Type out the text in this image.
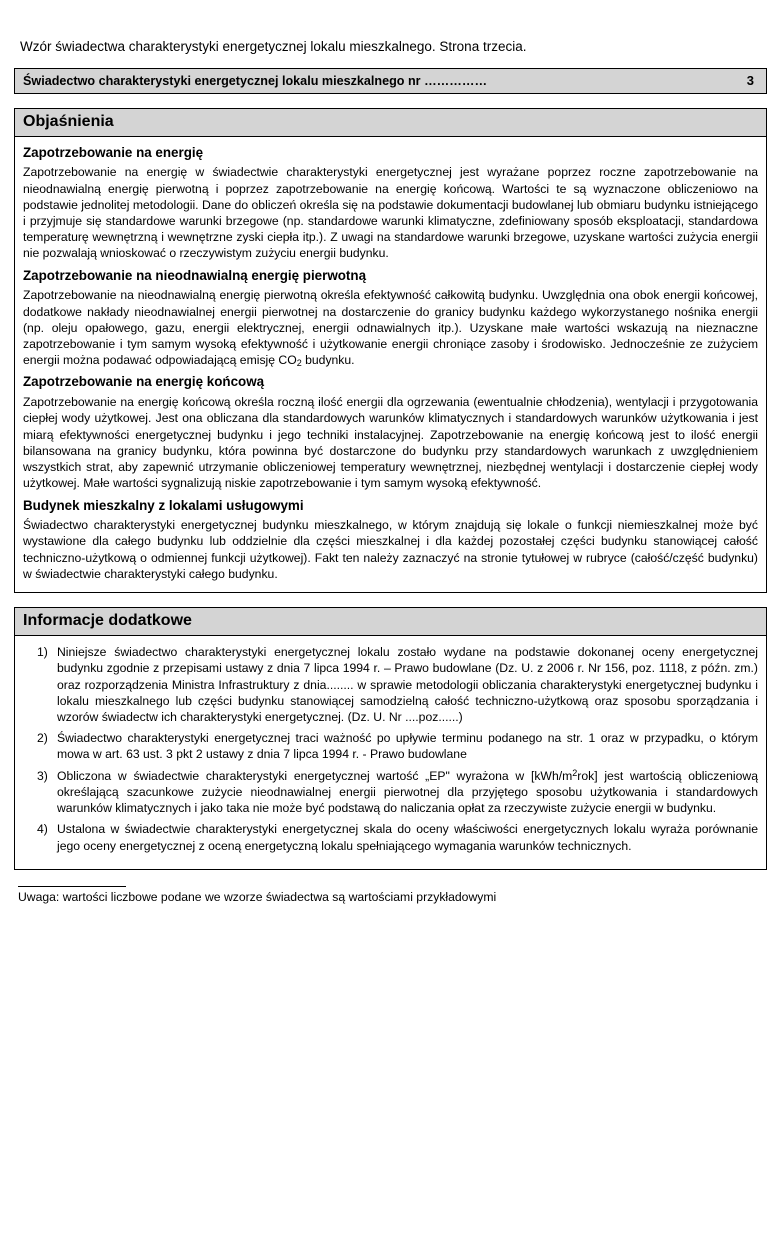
Wzór świadectwa charakterystyki energetycznej lokalu mieszkalnego. Strona trzecia.
Świadectwo charakterystyki energetycznej lokalu mieszkalnego nr ……………	3
Objaśnienia
Zapotrzebowanie na energię

Zapotrzebowanie na energię w świadectwie charakterystyki energetycznej jest wyrażane poprzez roczne zapotrzebowanie na nieodnawialną energię pierwotną i poprzez zapotrzebowanie na energię końcową. Wartości te są wyznaczone obliczeniowo na podstawie jednolitej metodologii. Dane do obliczeń określa się na podstawie dokumentacji budowlanej lub obmiaru budynku istniejącego i przyjmuje się standardowe warunki brzegowe (np. standardowe warunki klimatyczne, zdefiniowany sposób eksploatacji, standardowa temperaturę wewnętrzną i wewnętrzne zyski ciepła itp.). Z uwagi na standardowe warunki brzegowe, uzyskane wartości zużycia energii nie pozwalają wnioskować o rzeczywistym zużyciu energii budynku.

Zapotrzebowanie na nieodnawialną energię pierwotną

Zapotrzebowanie na nieodnawialną energię pierwotną określa efektywność całkowitą budynku. Uwzględnia ona obok energii końcowej, dodatkowe nakłady nieodnawialnej energii pierwotnej na dostarczenie do granicy budynku każdego wykorzystanego nośnika energii (np. oleju opałowego, gazu, energii elektrycznej, energii odnawialnych itp.). Uzyskane małe wartości wskazują na nieznaczne zapotrzebowanie i tym samym wysoką efektywność i użytkowanie energii chroniące zasoby i środowisko. Jednocześnie ze zużyciem energii można podawać odpowiadającą emisję $CO_2$ budynku.

Zapotrzebowanie na energię końcową

Zapotrzebowanie na energię końcową określa roczną ilość energii dla ogrzewania (ewentualnie chłodzenia), wentylacji i przygotowania ciepłej wody użytkowej. Jest ona obliczana dla standardowych warunków klimatycznych i standardowych warunków użytkowania i jest miarą efektywności energetycznej budynku i jego techniki instalacyjnej. Zapotrzebowanie na energię końcową jest to ilość energii bilansowana na granicy budynku, która powinna być dostarczone do budynku przy standardowych warunkach z uwzględnieniem wszystkich strat, aby zapewnić utrzymanie obliczeniowej temperatury wewnętrznej, niezbędnej wentylacji i dostarczenie ciepłej wody użytkowej. Małe wartości sygnalizują niskie zapotrzebowanie i tym samym wysoką efektywność.

Budynek mieszkalny z lokalami usługowymi

Świadectwo charakterystyki energetycznej budynku mieszkalnego, w którym znajdują się lokale o funkcji niemieszkalnej może być wystawione dla całego budynku lub oddzielnie dla części mieszkalnej i dla każdej pozostałej części budynku stanowiącej całość techniczno-użytkową o odmiennej funkcji użytkowej). Fakt ten należy zaznaczyć na stronie tytułowej w rubryce (całość/część budynku) w świadectwie charakterystyki całego budynku.

Informacje dodatkowe
1) Niniejsze świadectwo charakterystyki energetycznej lokalu zostało wydane na podstawie dokonanej oceny energetycznej budynku zgodnie z przepisami ustawy z dnia 7 lipca 1994 r. – Prawo budowlane (Dz. U. z 2006 r. Nr 156, poz. 1118, z późn. zm.) oraz rozporządzenia Ministra Infrastruktury z dnia........ w sprawie metodologii obliczania charakterystyki energetycznej budynku i lokalu mieszkalnego lub części budynku stanowiącej samodzielną całość techniczno-użytkową oraz sposobu sporządzania i wzorów świadectw ich charakterystyki energetycznej. (Dz. U. Nr ....poz......)
2) Świadectwo charakterystyki energetycznej traci ważność po upływie terminu podanego na str. 1 oraz w przypadku, o którym mowa w art. 63 ust. 3 pkt 2 ustawy z dnia 7 lipca 1994 r. - Prawo budowlane
3) Obliczona w świadectwie charakterystyki energetycznej wartość „EP" wyrażona w $[kWh/m^2rok]$ jest wartością obliczeniową określającą szacunkowe zużycie nieodnawialnej energii pierwotnej dla przyjętego sposobu użytkowania i standardowych warunków klimatycznych i jako taka nie może być podstawą do naliczania opłat za rzeczywiste zużycie energii w budynku.
4) Ustalona w świadectwie charakterystyki energetycznej skala do oceny właściwości energetycznych lokalu wyraża porównanie jego oceny energetycznej z oceną energetyczną lokalu spełniającego wymagania warunków technicznych.
Uwaga: wartości liczbowe podane we wzorze świadectwa są wartościami przykładowymi
